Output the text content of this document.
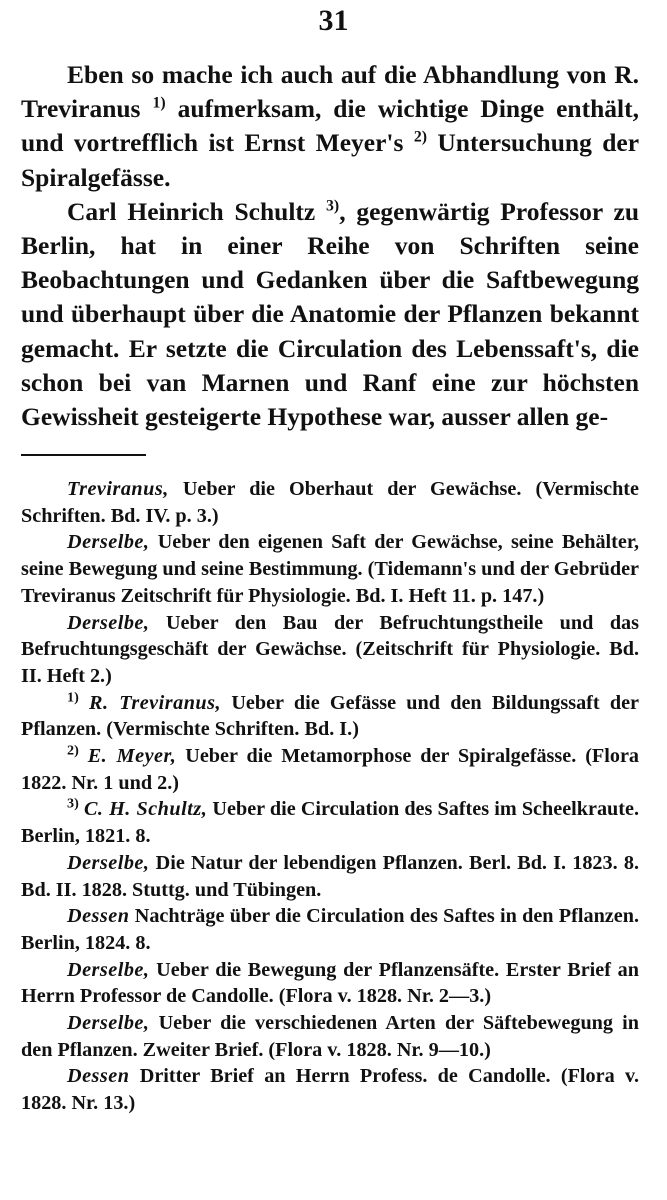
31

Eben so mache ich auch auf die Abhandlung von R. Treviranus $^{1)}$ aufmerksam, die wichtige Dinge enthält, und vortrefflich ist Ernst Meyer's $^{2)}$ Untersuchung der Spiralgefässe.

Carl Heinrich Schultz $^{3)}$, gegenwärtig Professor zu Berlin, hat in einer Reihe von Schriften seine Beobachtungen und Gedanken über die Saftbewegung und überhaupt über die Anatomie der Pflanzen bekannt gemacht. Er setzte die Circulation des Lebenssaft's, die schon bei van Marnen und Ranf eine zur höchsten Gewissheit gesteigerte Hypothese war, ausser allen ge-

Treviranus, Ueber die Oberhaut der Gewächse. (Vermischte Schriften. Bd. IV. p. 3.)

Derselbe, Ueber den eigenen Saft der Gewächse, seine Behälter, seine Bewegung und seine Bestimmung. (Tidemann's und der Gebrüder Treviranus Zeitschrift für Physiologie. Bd. I. Heft 11. p. 147.)

Derselbe, Ueber den Bau der Befruchtungstheile und das Befruchtungsgeschäft der Gewächse. (Zeitschrift für Physiologie. Bd. II. Heft 2.)

$^{1)}$ R. Treviranus, Ueber die Gefässe und den Bildungssaft der Pflanzen. (Vermischte Schriften. Bd. I.)

$^{2)}$ E. Meyer, Ueber die Metamorphose der Spiralgefässe. (Flora 1822. Nr. 1 und 2.)

$^{3)}$ C. H. Schultz, Ueber die Circulation des Saftes im Scheelkraute. Berlin, 1821. 8.

Derselbe, Die Natur der lebendigen Pflanzen. Berl. Bd. I. 1823. 8. Bd. II. 1828. Stuttg. und Tübingen.

Dessen Nachträge über die Circulation des Saftes in den Pflanzen. Berlin, 1824. 8.

Derselbe, Ueber die Bewegung der Pflanzensäfte. Erster Brief an Herrn Professor de Candolle. (Flora v. 1828. Nr. 2—3.)

Derselbe, Ueber die verschiedenen Arten der Säftebewegung in den Pflanzen. Zweiter Brief. (Flora v. 1828. Nr. 9—10.)

Dessen Dritter Brief an Herrn Profess. de Candolle. (Flora v. 1828. Nr. 13.)
